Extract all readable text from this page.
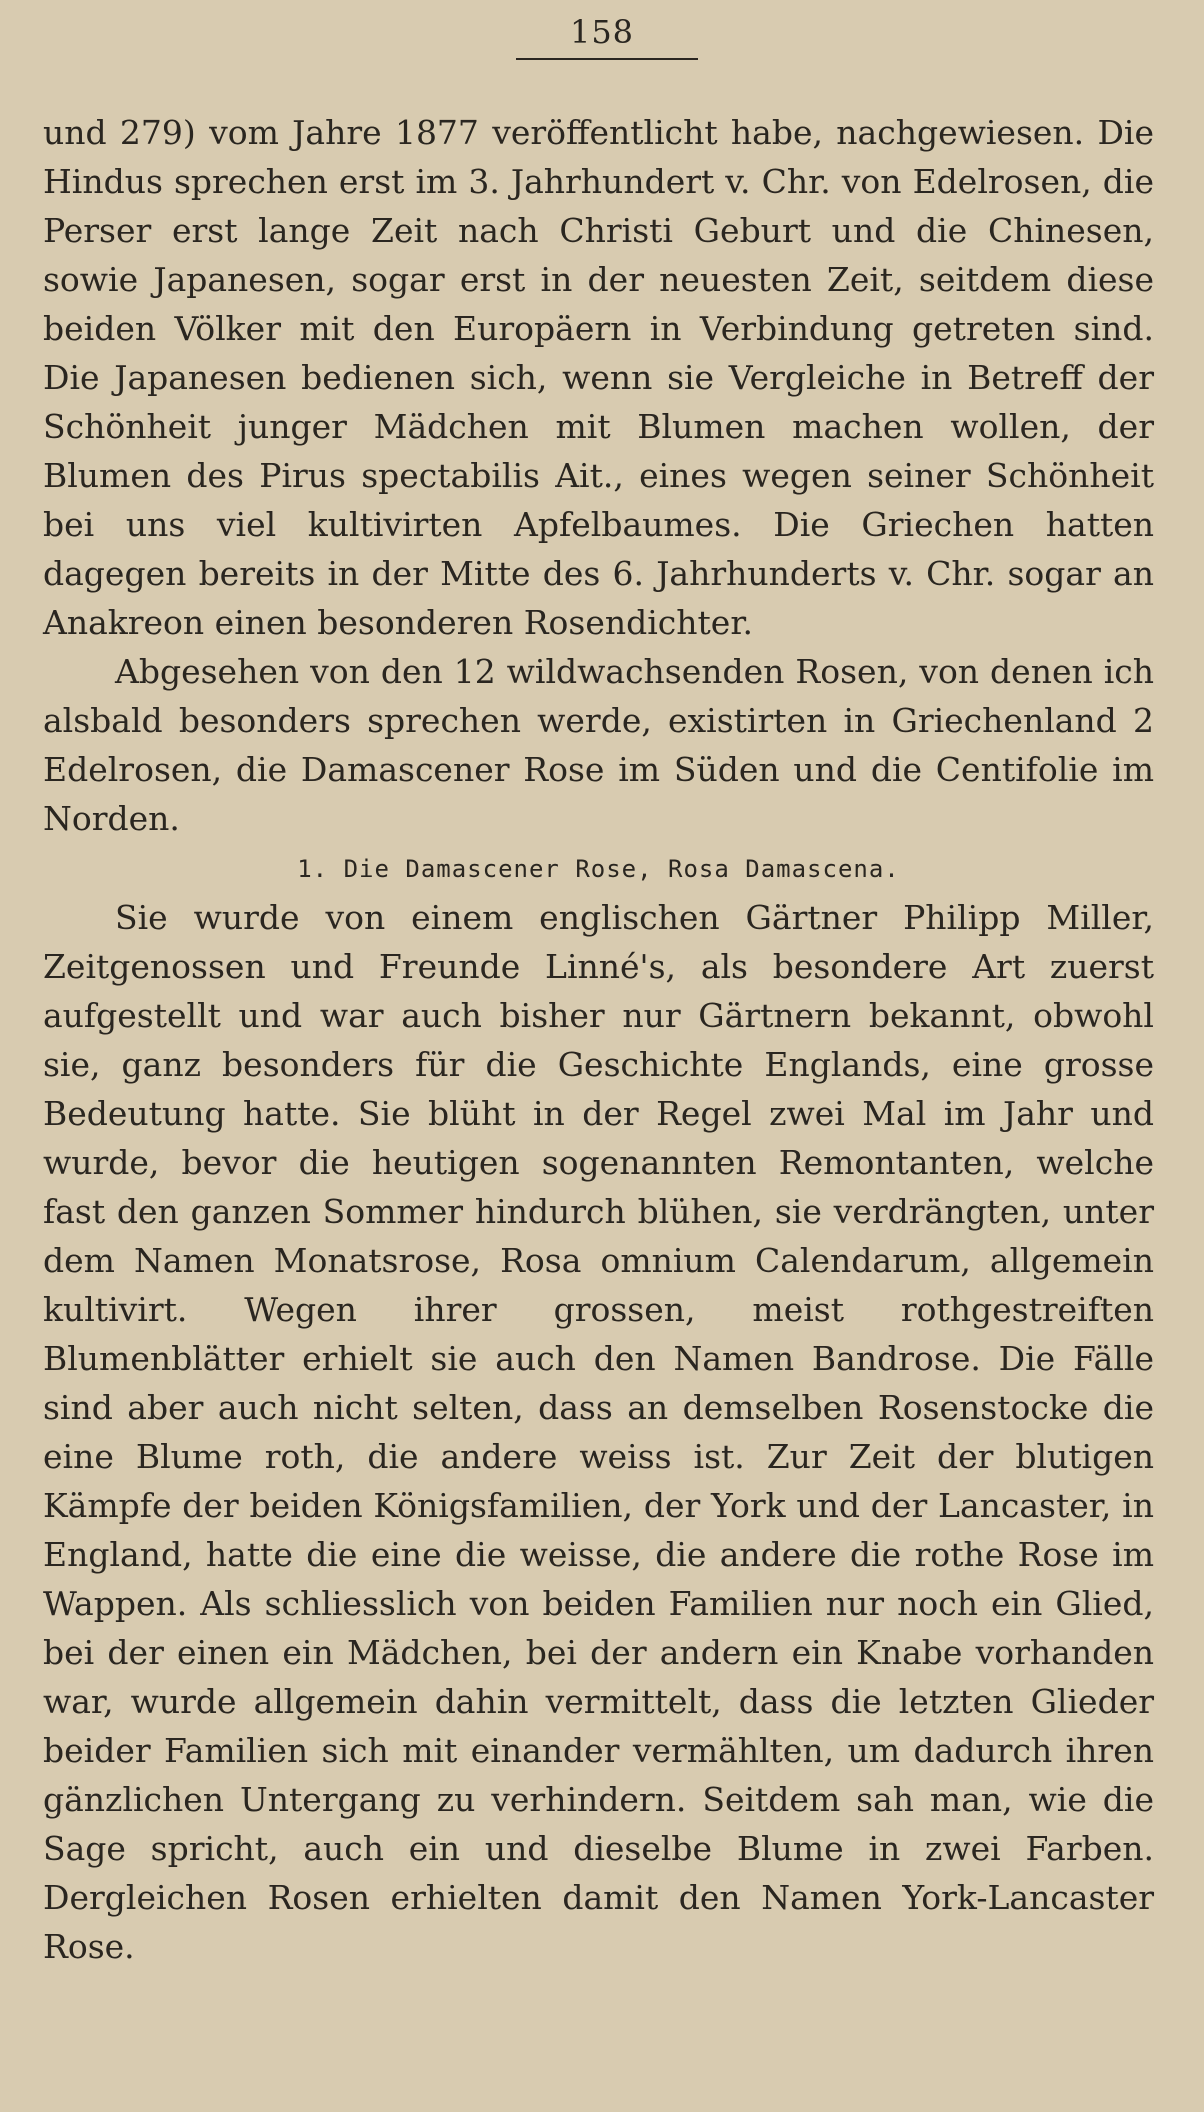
158

und 279) vom Jahre 1877 veröffentlicht habe, nachgewiesen. Die Hindus sprechen erst im 3. Jahrhundert v. Chr. von Edelrosen, die Perser erst lange Zeit nach Christi Geburt und die Chinesen, sowie Japanesen, sogar erst in der neuesten Zeit, seitdem diese beiden Völker mit den Europäern in Verbindung getreten sind. Die Japanesen bedienen sich, wenn sie Vergleiche in Betreff der Schönheit junger Mädchen mit Blumen machen wollen, der Blumen des Pirus spectabilis Ait., eines wegen seiner Schönheit bei uns viel kultivirten Apfelbaumes. Die Griechen hatten dagegen bereits in der Mitte des 6. Jahrhunderts v. Chr. sogar an Anakreon einen besonderen Rosendichter.

Abgesehen von den 12 wildwachsenden Rosen, von denen ich alsbald besonders sprechen werde, existirten in Griechenland 2 Edelrosen, die Damascener Rose im Süden und die Centifolie im Norden.

1. Die Damascener Rose, Rosa Damascena.

Sie wurde von einem englischen Gärtner Philipp Miller, Zeitgenossen und Freunde Linné's, als besondere Art zuerst aufgestellt und war auch bisher nur Gärtnern bekannt, obwohl sie, ganz besonders für die Geschichte Englands, eine grosse Bedeutung hatte. Sie blüht in der Regel zwei Mal im Jahr und wurde, bevor die heutigen sogenannten Remontanten, welche fast den ganzen Sommer hindurch blühen, sie verdrängten, unter dem Namen Monatsrose, Rosa omnium Calendarum, allgemein kultivirt. Wegen ihrer grossen, meist rothgestreiften Blumenblätter erhielt sie auch den Namen Bandrose. Die Fälle sind aber auch nicht selten, dass an demselben Rosenstocke die eine Blume roth, die andere weiss ist. Zur Zeit der blutigen Kämpfe der beiden Königsfamilien, der York und der Lancaster, in England, hatte die eine die weisse, die andere die rothe Rose im Wappen. Als schliesslich von beiden Familien nur noch ein Glied, bei der einen ein Mädchen, bei der andern ein Knabe vorhanden war, wurde allgemein dahin vermittelt, dass die letzten Glieder beider Familien sich mit einander vermählten, um dadurch ihren gänzlichen Untergang zu verhindern. Seitdem sah man, wie die Sage spricht, auch ein und dieselbe Blume in zwei Farben. Dergleichen Rosen erhielten damit den Namen York-Lancaster Rose.
